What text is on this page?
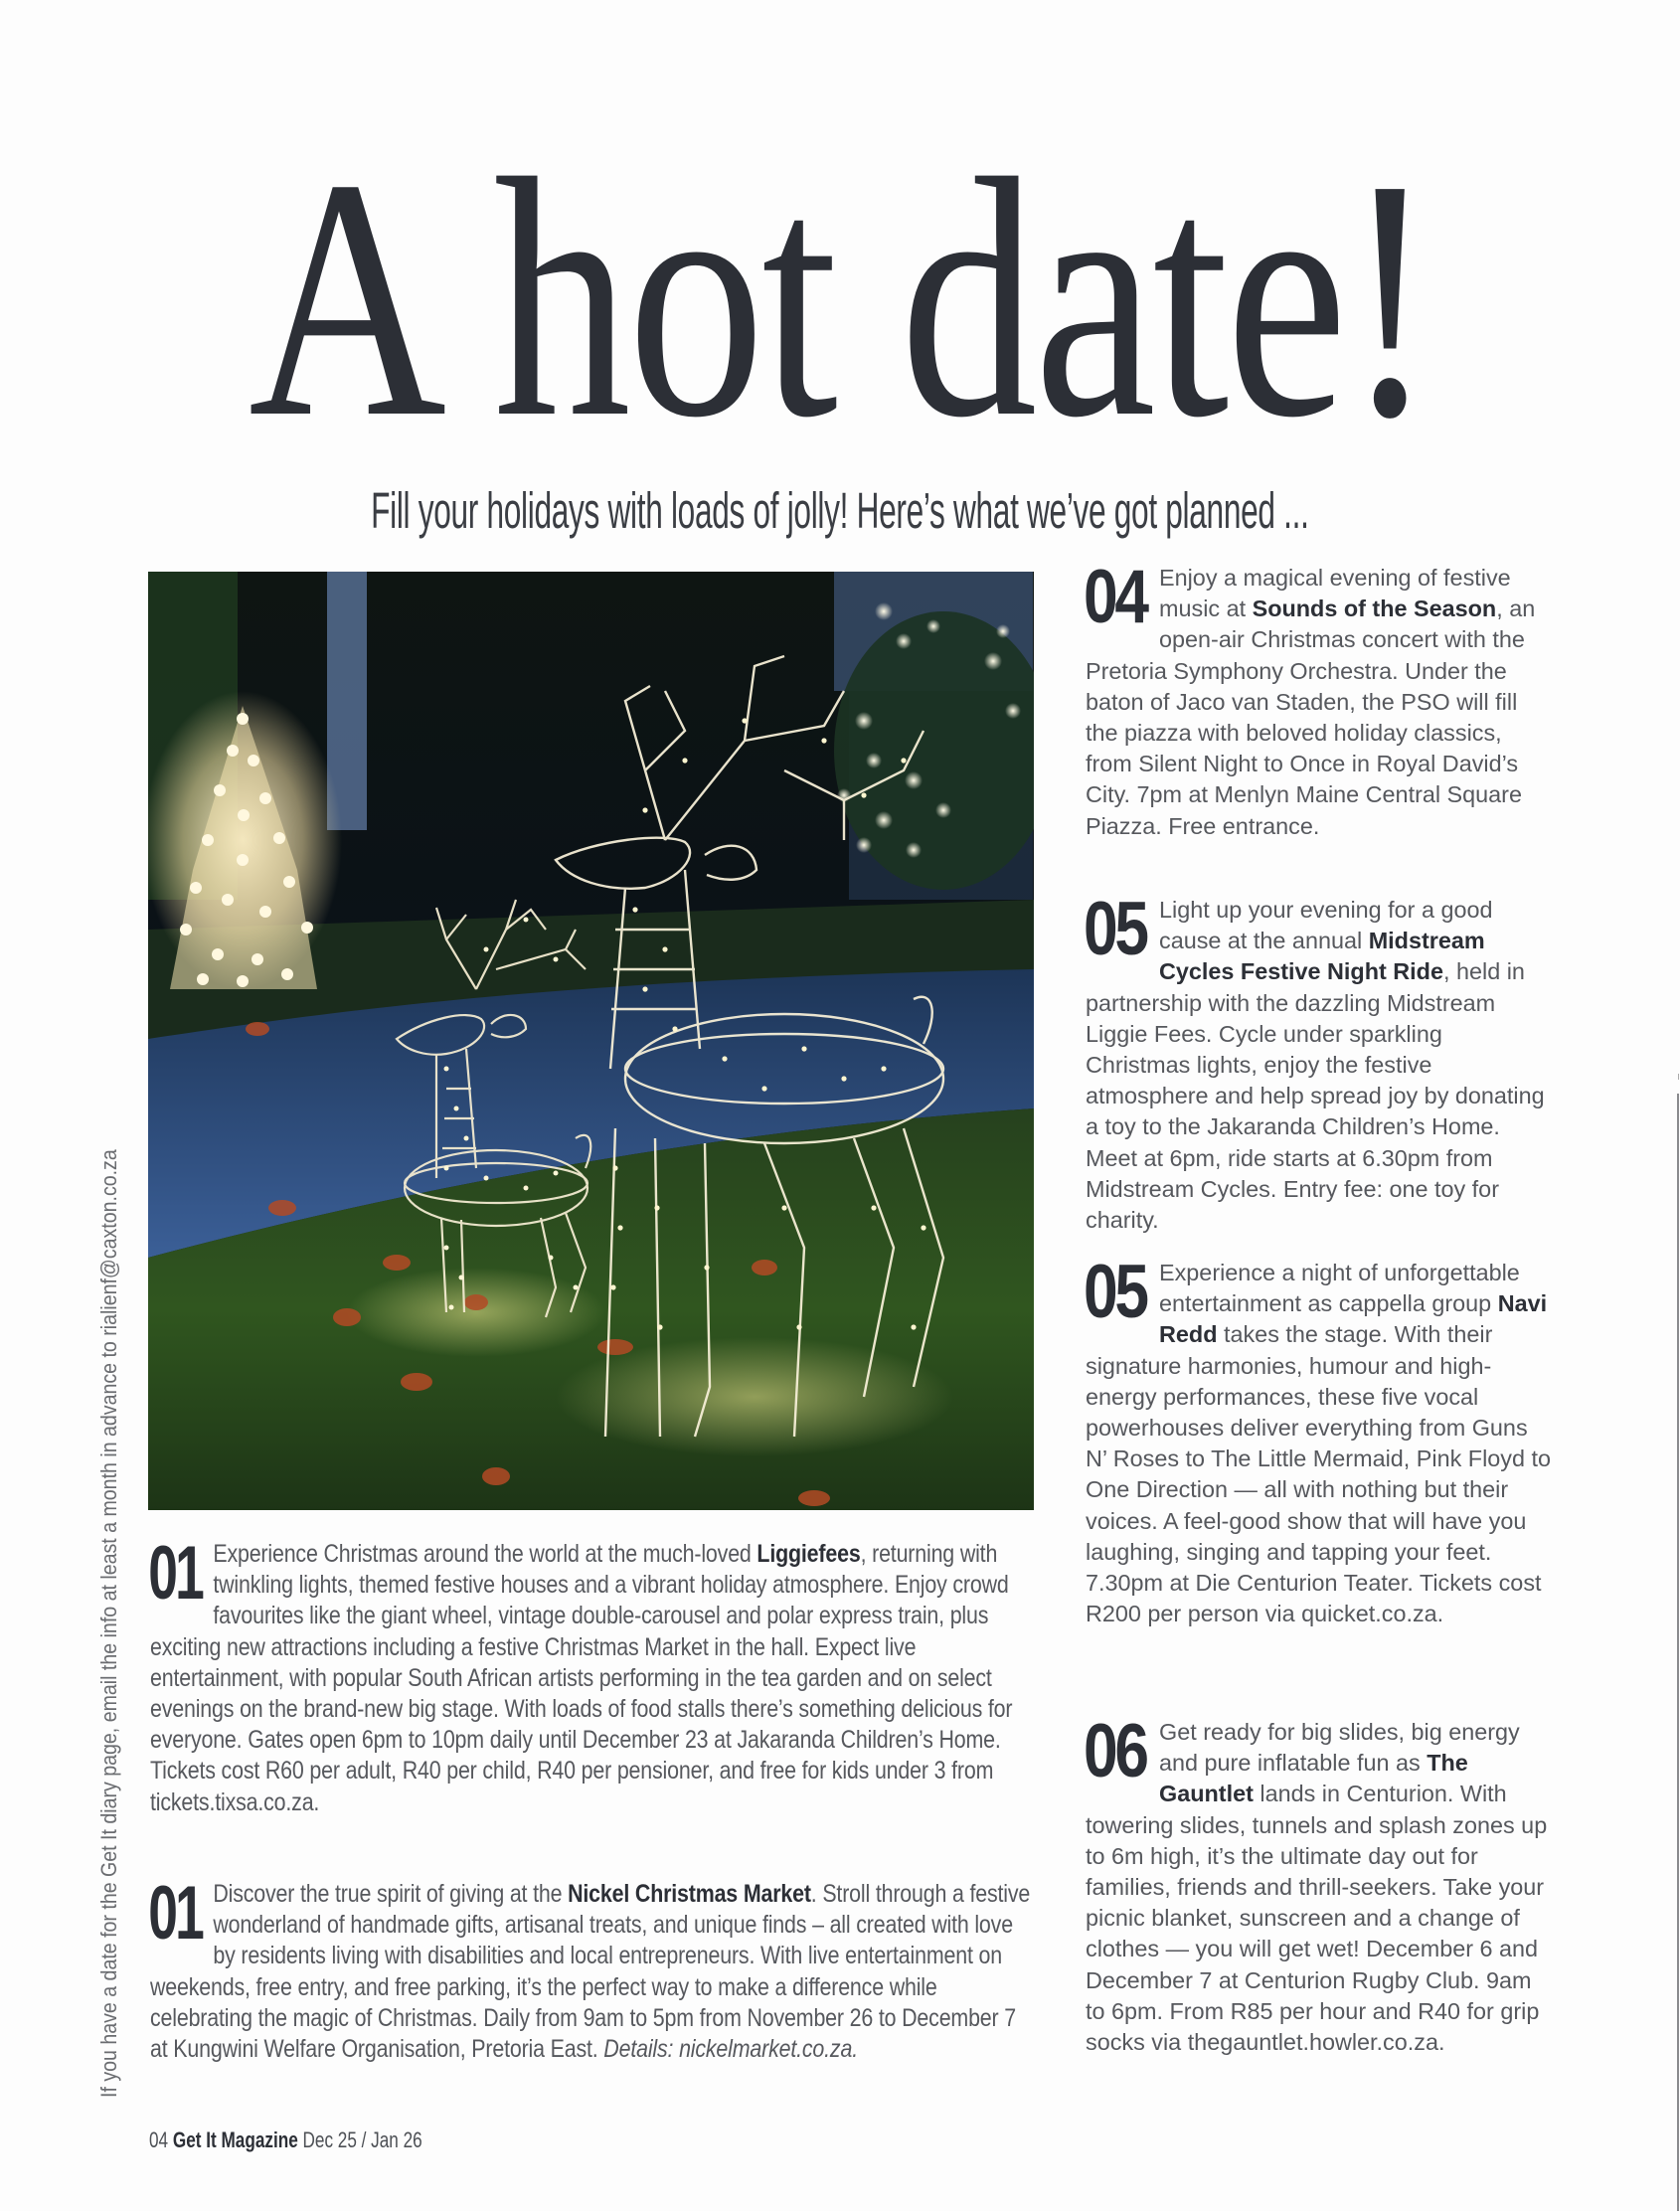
A hot date!
Fill your holidays with loads of jolly! Here’s what we’ve got planned ...
If you have a date for the Get It diary page, email the info at least a month in advance to rialienf@caxton.co.za 01 Experience Christmas around the world at the much-loved Liggiefees, returning with twinkling lights, themed festive houses and a vibrant holiday atmosphere. Enjoy crowd favourites like the giant wheel, vintage double-carousel and polar express train, plus exciting new attractions including a festive Christmas Market in the hall. Expect live entertainment, with popular South African artists performing in the tea garden and on select evenings on the brand-new big stage. With loads of food stalls there’s something delicious for everyone. Gates open 6pm to 10pm daily until December 23 at Jakaranda Children’s Home. Tickets cost R60 per adult, R40 per child, R40 per pensioner, and free for kids under 3 from tickets.tixsa.co.za.

01 Discover the true spirit of giving at the Nickel Christmas Market. Stroll through a festive wonderland of handmade gifts, artisanal treats, and unique finds – all created with love by residents living with disabilities and local entrepreneurs. With live entertainment on weekends, free entry, and free parking, it’s the perfect way to make a difference while celebrating the magic of Christmas. Daily from 9am to 5pm from November 26 to December 7 at Kungwini Welfare Organisation, Pretoria East. Details: nickelmarket.co.za.

04 Enjoy a magical evening of festive music at Sounds of the Season, an open-air Christmas concert with the Pretoria Symphony Orchestra. Under the baton of Jaco van Staden, the PSO will fill the piazza with beloved holiday classics, from Silent Night to Once in Royal David’s City. 7pm at Menlyn Maine Central Square Piazza. Free entrance.

05 Light up your evening for a good cause at the annual Midstream Cycles Festive Night Ride, held in partnership with the dazzling Midstream Liggie Fees. Cycle under sparkling Christmas lights, enjoy the festive atmosphere and help spread joy by donating a toy to the Jakaranda Children’s Home. Meet at 6pm, ride starts at 6.30pm from Midstream Cycles. Entry fee: one toy for charity.

05 Experience a night of unforgettable entertainment as cappella group Navi Redd takes the stage. With their signature harmonies, humour and high-energy performances, these five vocal powerhouses deliver everything from Guns N’ Roses to The Little Mermaid, Pink Floyd to One Direction — all with nothing but their voices. A feel-good show that will have you laughing, singing and tapping your feet. 7.30pm at Die Centurion Teater. Tickets cost R200 per person via quicket.co.za.

06 Get ready for big slides, big energy and pure inflatable fun as The Gauntlet lands in Centurion. With towering slides, tunnels and splash zones up to 6m high, it’s the ultimate day out for families, friends and thrill-seekers. Take your picnic blanket, sunscreen and a change of clothes — you will get wet! December 6 and December 7 at Centurion Rugby Club. 9am to 6pm. From R85 per hour and R40 for grip socks via thegauntlet.howler.co.za.

04 Get It Magazine Dec 25 / Jan 26
